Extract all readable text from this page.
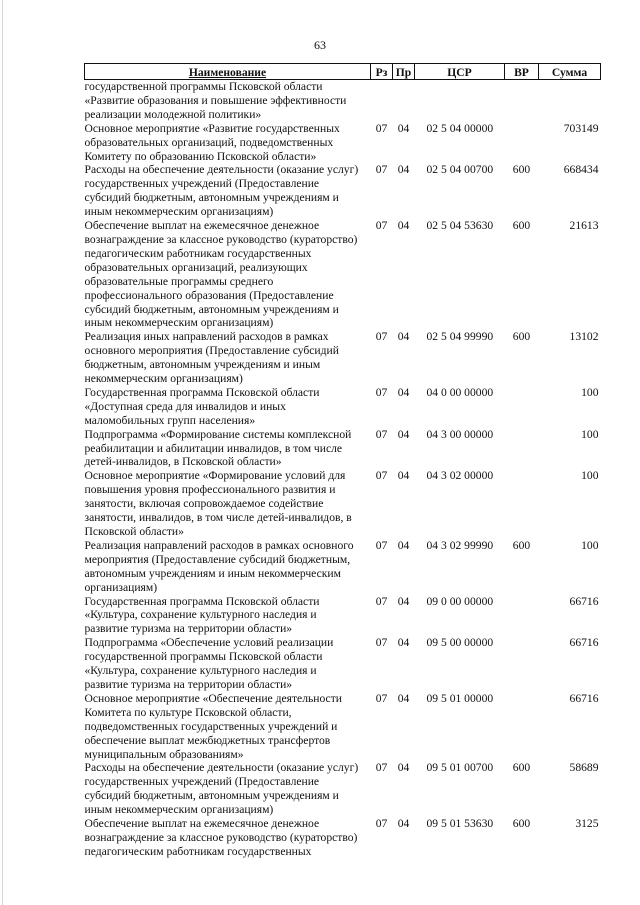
63
Наименование	Рз	Пр	ЦСР	ВР	Сумма
государственной программы Псковской области «Развитие образования и повышение эффективности реализации молодежной политики»					
Основное мероприятие «Развитие государственных образовательных организаций, подведомственных Комитету по образованию Псковской области»	07	04	02 5 04 00000		703149
Расходы на обеспечение деятельности (оказание услуг) государственных учреждений (Предоставление субсидий бюджетным, автономным учреждениям и иным некоммерческим организациям)	07	04	02 5 04 00700	600	668434
Обеспечение выплат на ежемесячное денежное вознаграждение за классное руководство (кураторство) педагогическим работникам государственных образовательных организаций, реализующих образовательные программы среднего профессионального образования (Предоставление субсидий бюджетным, автономным учреждениям и иным некоммерческим организациям)	07	04	02 5 04 53630	600	21613
Реализация иных направлений расходов в рамках основного мероприятия (Предоставление субсидий бюджетным, автономным учреждениям и иным некоммерческим организациям)	07	04	02 5 04 99990	600	13102
Государственная программа Псковской области «Доступная среда для инвалидов и иных маломобильных групп населения»	07	04	04 0 00 00000		100
Подпрограмма «Формирование системы комплексной реабилитации и абилитации инвалидов, в том числе детей-инвалидов, в Псковской области»	07	04	04 3 00 00000		100
Основное мероприятие «Формирование условий для повышения уровня профессионального развития и занятости, включая сопровождаемое содействие занятости, инвалидов, в том числе детей-инвалидов, в Псковской области»	07	04	04 3 02 00000		100
Реализация направлений расходов в рамках основного мероприятия (Предоставление субсидий бюджетным, автономным учреждениям и иным некоммерческим организациям)	07	04	04 3 02 99990	600	100
Государственная программа Псковской области «Культура, сохранение культурного наследия и развитие туризма на территории области»	07	04	09 0 00 00000		66716
Подпрограмма «Обеспечение условий реализации государственной программы Псковской области «Культура, сохранение культурного наследия и развитие туризма на территории области»	07	04	09 5 00 00000		66716
Основное мероприятие «Обеспечение деятельности Комитета по культуре Псковской области, подведомственных государственных учреждений и обеспечение выплат межбюджетных трансфертов муниципальным образованиям»	07	04	09 5 01 00000		66716
Расходы на обеспечение деятельности (оказание услуг) государственных учреждений (Предоставление субсидий бюджетным, автономным учреждениям и иным некоммерческим организациям)	07	04	09 5 01 00700	600	58689
Обеспечение выплат на ежемесячное денежное вознаграждение за классное руководство (кураторство) педагогическим работникам государственных	07	04	09 5 01 53630	600	3125
